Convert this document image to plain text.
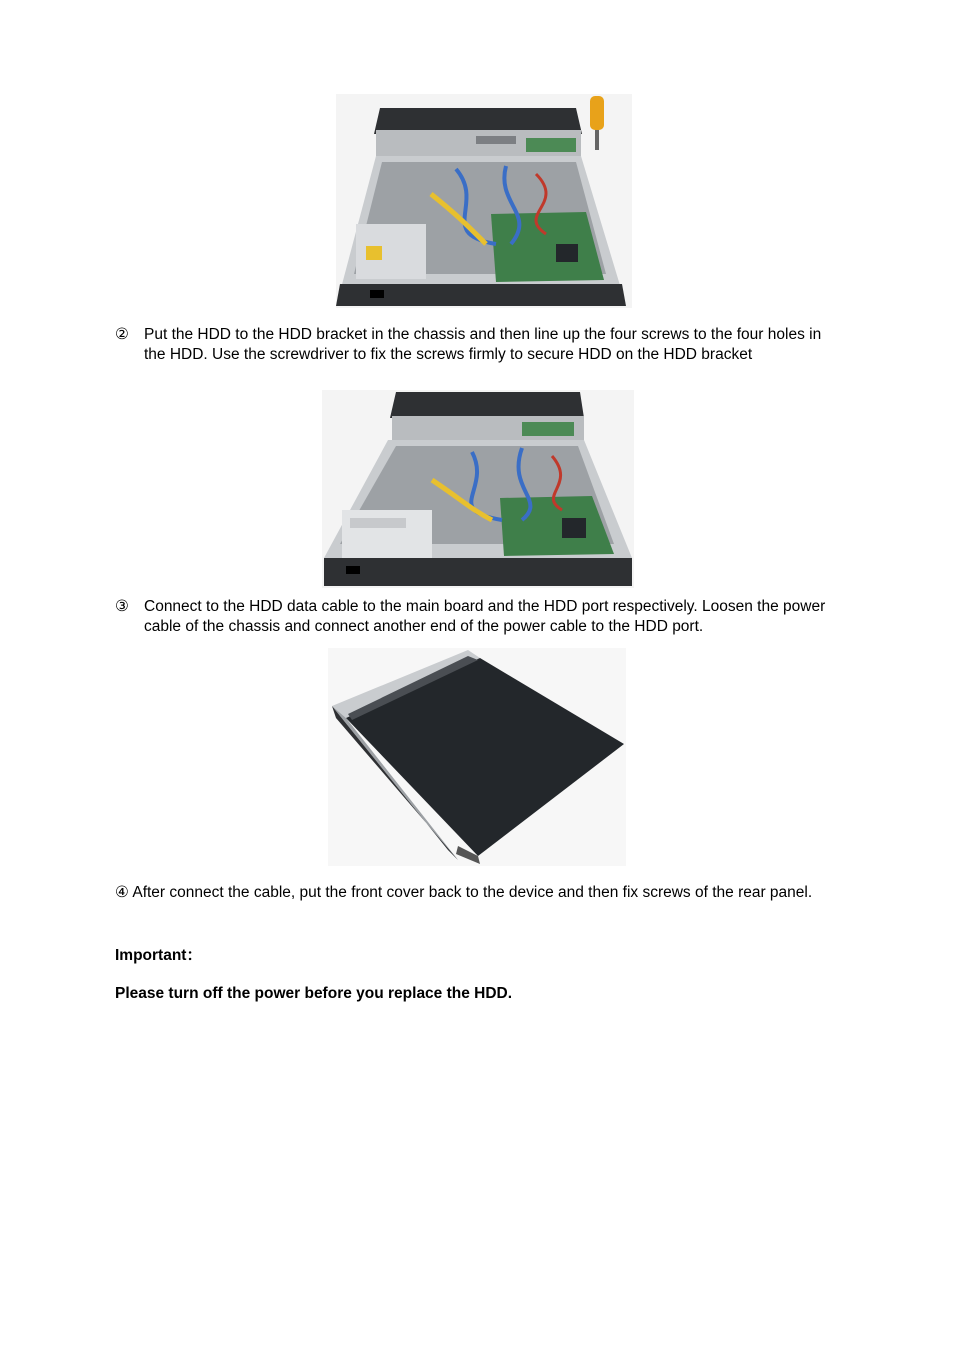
② Put the HDD to the HDD bracket in the chassis and then line up the four screws to the four holes in the HDD. Use the screwdriver to fix the screws firmly to secure HDD on the HDD bracket
③ Connect to the HDD data cable to the main board and the HDD port respectively. Loosen the power cable of the chassis and connect another end of the power cable to the HDD port.
④ After connect the cable, put the front cover back to the device and then fix screws of the rear panel.
Important：
Please turn off the power before you replace the HDD.
